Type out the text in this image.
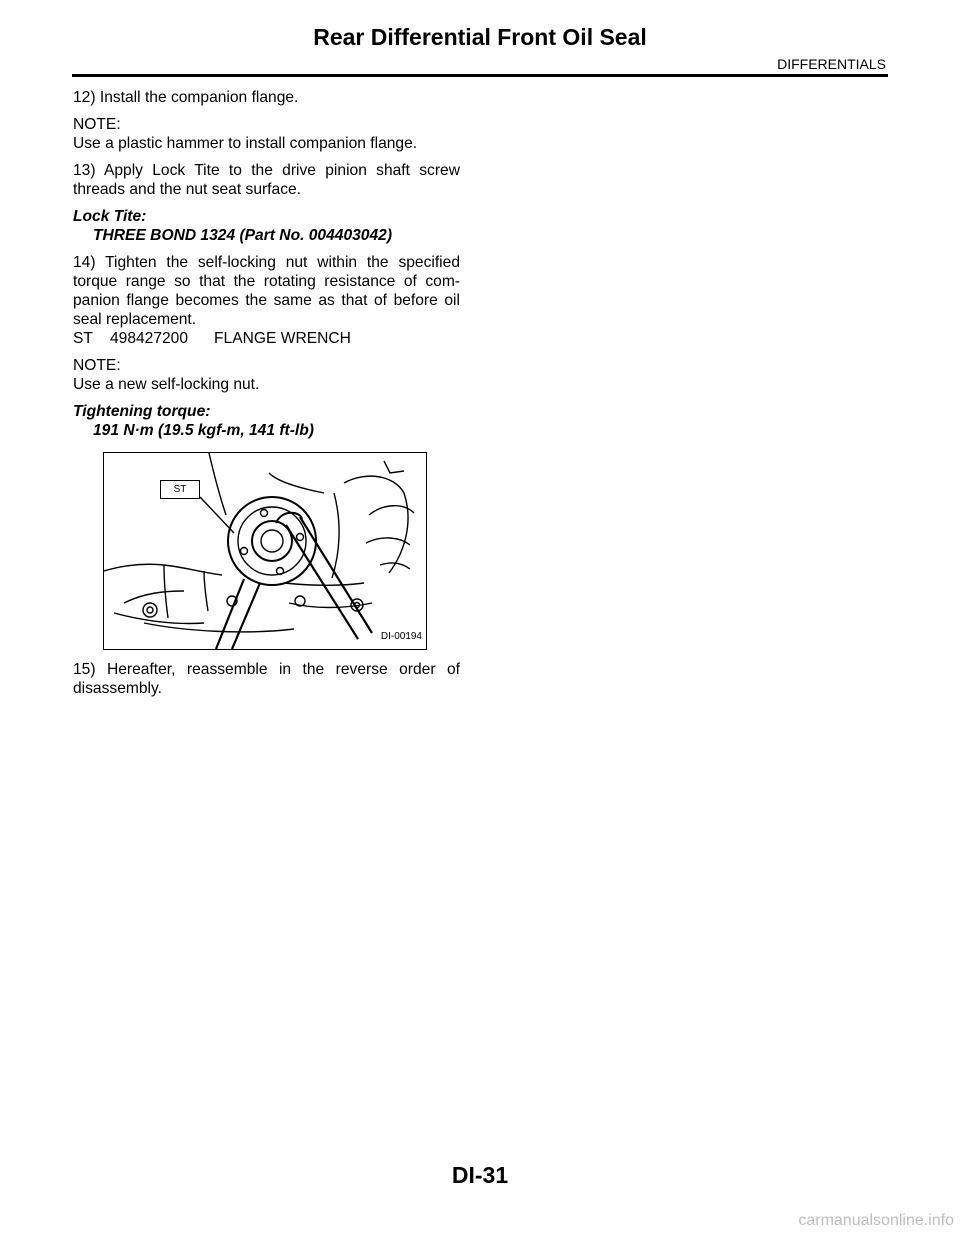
Rear Differential Front Oil Seal
DIFFERENTIALS

12) Install the companion flange.

NOTE:
Use a plastic hammer to install companion flange.

13) Apply Lock Tite to the drive pinion shaft screw threads and the nut seat surface.

Lock Tite:
THREE BOND 1324 (Part No. 004403042)

14) Tighten the self-locking nut within the specified torque range so that the rotating resistance of com-panion flange becomes the same as that of before oil seal replacement.
ST    498427200      FLANGE WRENCH

NOTE:
Use a new self-locking nut.

Tightening torque:
191 N·m (19.5 kgf-m, 141 ft-lb)

ST
DI-00194

15) Hereafter, reassemble in the reverse order of disassembly.

DI-31
carmanualsonline.info
